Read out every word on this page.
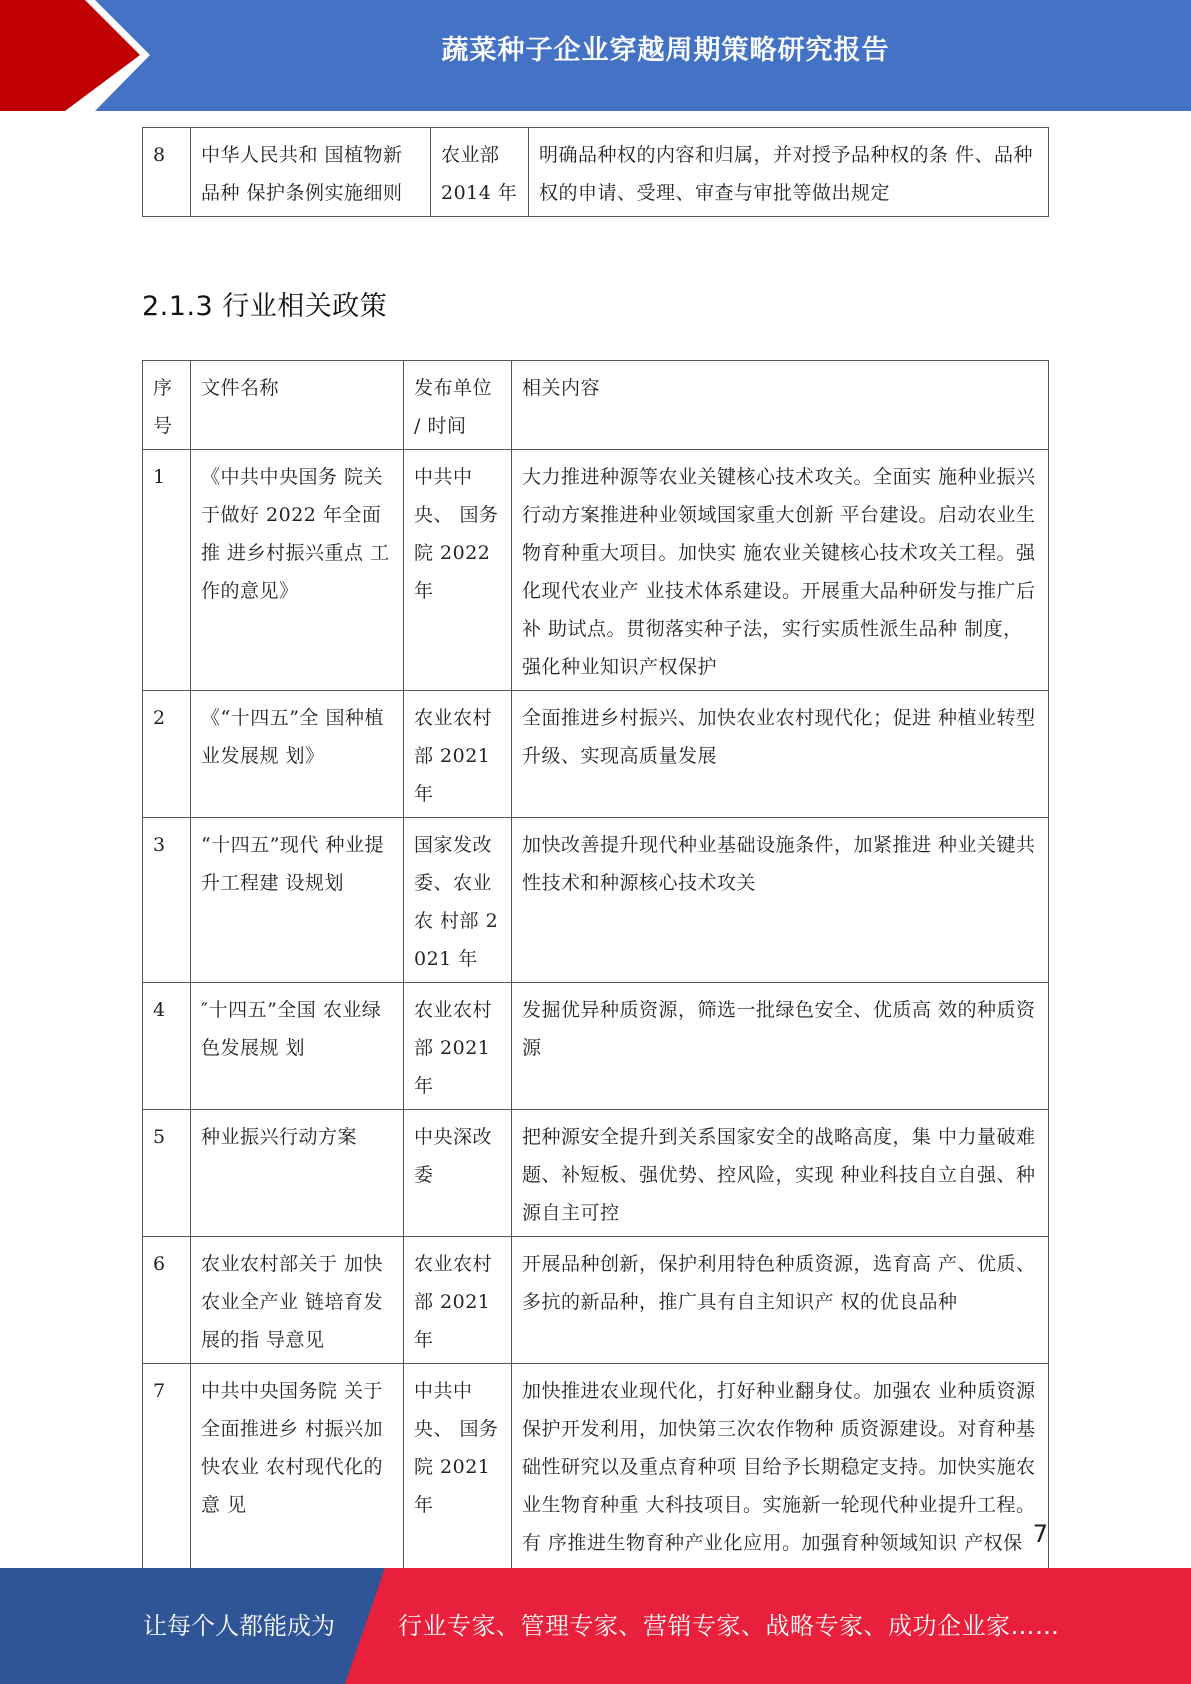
蔬菜种子企业穿越周期策略研究报告
8	中华人民共和 国植物新品种 保护条例实施细则	农业部 2014 年	明确品种权的内容和归属，并对授予品种权的条 件、品种权的申请、受理、审查与审批等做出规定
2.1.3 行业相关政策
序号	文件名称	发布单位 / 时间	相关内容
1	《中共中央国务 院关于做好 2022 年全面推 进乡村振兴重点 工作的意见》	中共中央、 国务院 2022 年	大力推进种源等农业关键核心技术攻关。全面实 施种业振兴行动方案推进种业领域国家重大创新 平台建设。启动农业生物育种重大项目。加快实 施农业关键核心技术攻关工程。强化现代农业产 业技术体系建设。开展重大品种研发与推广后补 助试点。贯彻落实种子法，实行实质性派生品种 制度，强化种业知识产权保护
2	《“十四五”全 国种植业发展规 划》	农业农村部 2021 年	全面推进乡村振兴、加快农业农村现代化；促进 种植业转型升级、实现高质量发展
3	“十四五”现代 种业提升工程建 设规划	国家发改委、农业农 村部 2021 年	加快改善提升现代种业基础设施条件，加紧推进 种业关键共性技术和种源核心技术攻关
4	″十四五”全国 农业绿色发展规 划	农业农村部 2021 年	发掘优异种质资源，筛选一批绿色安全、优质高 效的种质资源
5	种业振兴行动方案	中央深改委	把种源安全提升到关系国家安全的战略高度，集 中力量破难题、补短板、强优势、控风险，实现 种业科技自立自强、种源自主可控
6	农业农村部关于 加快农业全产业 链培育发展的指 导意见	农业农村部 2021 年	开展品种创新，保护利用特色种质资源，选育高 产、优质、多抗的新品种，推广具有自主知识产 权的优良品种
7	中共中央国务院 关于全面推进乡 村振兴加快农业 农村现代化的意 见	中共中央、 国务院 2021 年	加快推进农业现代化，打好种业翻身仗。加强农 业种质资源保护开发利用，加快第三次农作物种 质资源建设。对育种基础性研究以及重点育种项 目给予长期稳定支持。加快实施农业生物育种重 大科技项目。实施新一轮现代种业提升工程。有 序推进生物育种产业化应用。加强育种领域知识 产权保 7
让每个人都能成为	行业专家、管理专家、营销专家、战略专家、成功企业家……
